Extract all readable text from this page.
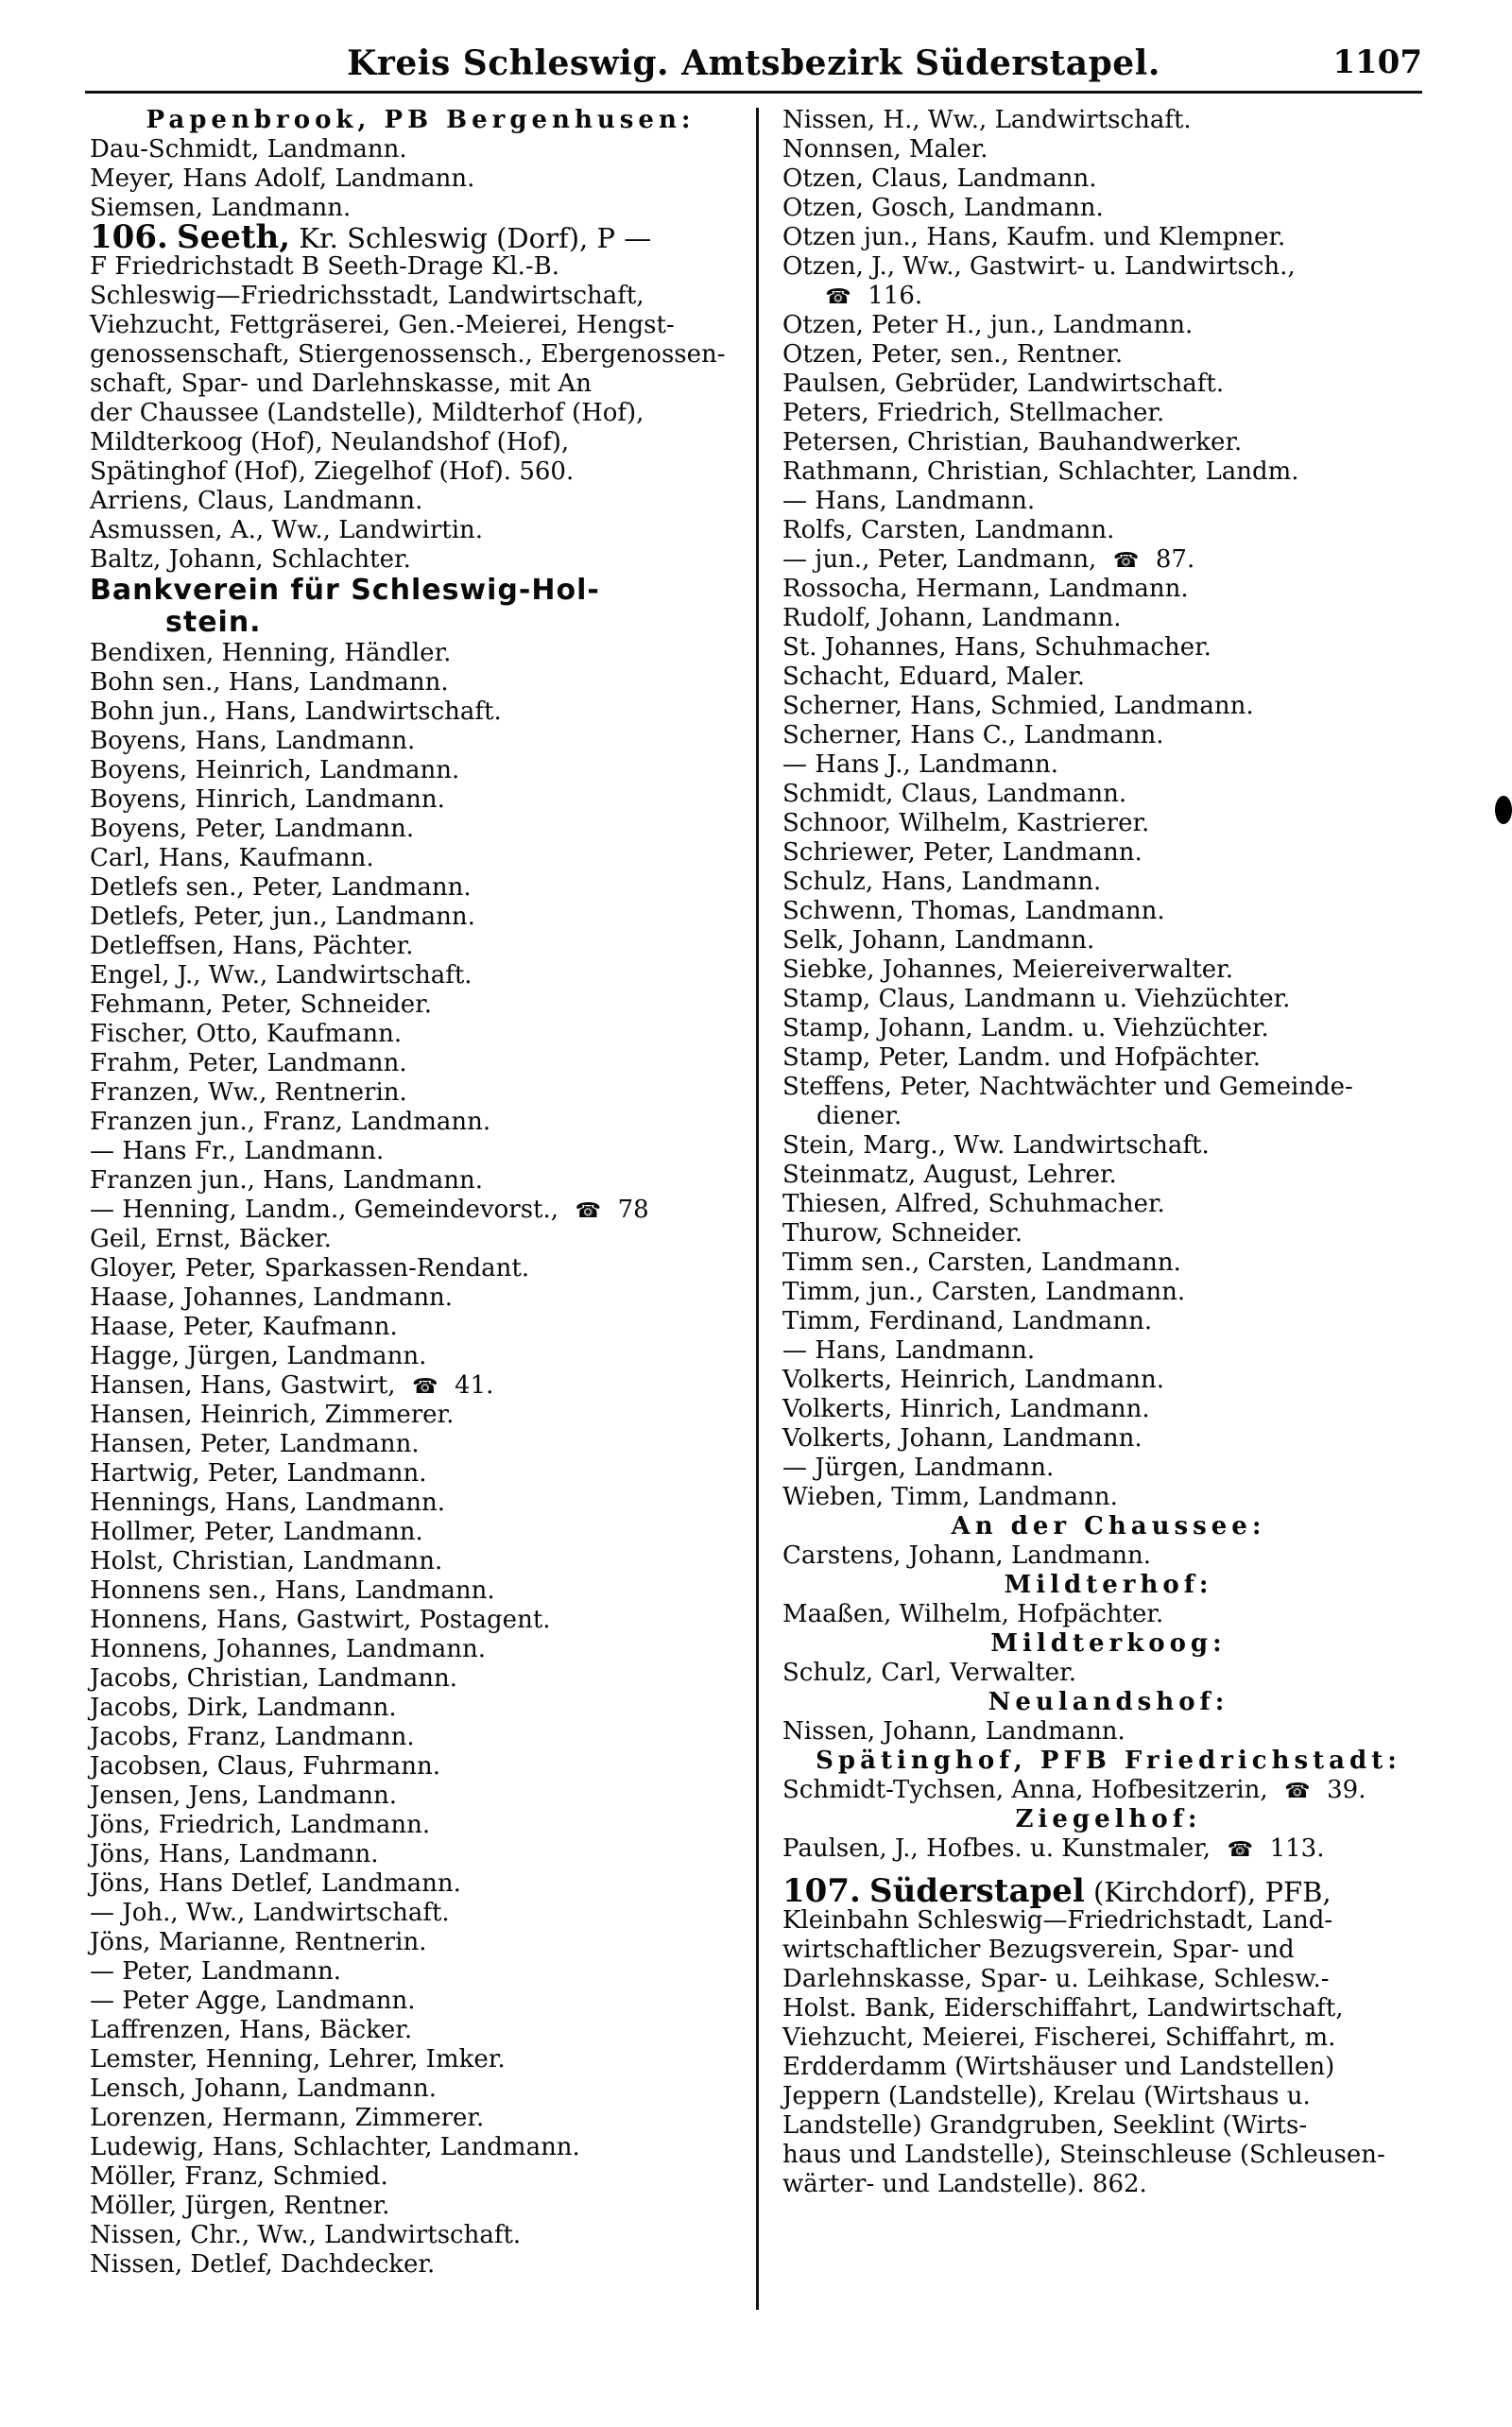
Kreis Schleswig. Amtsbezirk Süderstapel.	1107
Papenbrook, PB Bergenhusen:
Dau-Schmidt, Landmann.
Meyer, Hans Adolf, Landmann.
Siemsen, Landmann.
106. Seeth, Kr. Schleswig (Dorf), P —
F Friedrichstadt B Seeth-Drage Kl.-B.
Schleswig—Friedrichsstadt, Landwirtschaft,
Viehzucht, Fettgräserei, Gen.-Meierei, Hengst-
genossenschaft, Stiergenossensch., Ebergenossen-
schaft, Spar- und Darlehnskasse, mit An
der Chaussee (Landstelle), Mildterhof (Hof),
Mildterkoog (Hof), Neulandshof (Hof),
Spätinghof (Hof), Ziegelhof (Hof). 560.
Arriens, Claus, Landmann.
Asmussen, A., Ww., Landwirtin.
Baltz, Johann, Schlachter.
Bankverein für Schleswig-Hol-
stein.
Bendixen, Henning, Händler.
Bohn sen., Hans, Landmann.
Bohn jun., Hans, Landwirtschaft.
Boyens, Hans, Landmann.
Boyens, Heinrich, Landmann.
Boyens, Hinrich, Landmann.
Boyens, Peter, Landmann.
Carl, Hans, Kaufmann.
Detlefs sen., Peter, Landmann.
Detlefs, Peter, jun., Landmann.
Detleffsen, Hans, Pächter.
Engel, J., Ww., Landwirtschaft.
Fehmann, Peter, Schneider.
Fischer, Otto, Kaufmann.
Frahm, Peter, Landmann.
Franzen, Ww., Rentnerin.
Franzen jun., Franz, Landmann.
— Hans Fr., Landmann.
Franzen jun., Hans, Landmann.
— Henning, Landm., Gemeindevorst., ☎ 78
Geil, Ernst, Bäcker.
Gloyer, Peter, Sparkassen-Rendant.
Haase, Johannes, Landmann.
Haase, Peter, Kaufmann.
Hagge, Jürgen, Landmann.
Hansen, Hans, Gastwirt, ☎ 41.
Hansen, Heinrich, Zimmerer.
Hansen, Peter, Landmann.
Hartwig, Peter, Landmann.
Hennings, Hans, Landmann.
Hollmer, Peter, Landmann.
Holst, Christian, Landmann.
Honnens sen., Hans, Landmann.
Honnens, Hans, Gastwirt, Postagent.
Honnens, Johannes, Landmann.
Jacobs, Christian, Landmann.
Jacobs, Dirk, Landmann.
Jacobs, Franz, Landmann.
Jacobsen, Claus, Fuhrmann.
Jensen, Jens, Landmann.
Jöns, Friedrich, Landmann.
Jöns, Hans, Landmann.
Jöns, Hans Detlef, Landmann.
— Joh., Ww., Landwirtschaft.
Jöns, Marianne, Rentnerin.
— Peter, Landmann.
— Peter Agge, Landmann.
Laffrenzen, Hans, Bäcker.
Lemster, Henning, Lehrer, Imker.
Lensch, Johann, Landmann.
Lorenzen, Hermann, Zimmerer.
Ludewig, Hans, Schlachter, Landmann.
Möller, Franz, Schmied.
Möller, Jürgen, Rentner.
Nissen, Chr., Ww., Landwirtschaft.
Nissen, Detlef, Dachdecker.
Nissen, H., Ww., Landwirtschaft.
Nonnsen, Maler.
Otzen, Claus, Landmann.
Otzen, Gosch, Landmann.
Otzen jun., Hans, Kaufm. und Klempner.
Otzen, J., Ww., Gastwirt- u. Landwirtsch.,
☎ 116.
Otzen, Peter H., jun., Landmann.
Otzen, Peter, sen., Rentner.
Paulsen, Gebrüder, Landwirtschaft.
Peters, Friedrich, Stellmacher.
Petersen, Christian, Bauhandwerker.
Rathmann, Christian, Schlachter, Landm.
— Hans, Landmann.
Rolfs, Carsten, Landmann.
— jun., Peter, Landmann, ☎ 87.
Rossocha, Hermann, Landmann.
Rudolf, Johann, Landmann.
St. Johannes, Hans, Schuhmacher.
Schacht, Eduard, Maler.
Scherner, Hans, Schmied, Landmann.
Scherner, Hans C., Landmann.
— Hans J., Landmann.
Schmidt, Claus, Landmann.
Schnoor, Wilhelm, Kastrierer.
Schriewer, Peter, Landmann.
Schulz, Hans, Landmann.
Schwenn, Thomas, Landmann.
Selk, Johann, Landmann.
Siebke, Johannes, Meiereiverwalter.
Stamp, Claus, Landmann u. Viehzüchter.
Stamp, Johann, Landm. u. Viehzüchter.
Stamp, Peter, Landm. und Hofpächter.
Steffens, Peter, Nachtwächter und Gemeinde-
diener.
Stein, Marg., Ww. Landwirtschaft.
Steinmatz, August, Lehrer.
Thiesen, Alfred, Schuhmacher.
Thurow, Schneider.
Timm sen., Carsten, Landmann.
Timm, jun., Carsten, Landmann.
Timm, Ferdinand, Landmann.
— Hans, Landmann.
Volkerts, Heinrich, Landmann.
Volkerts, Hinrich, Landmann.
Volkerts, Johann, Landmann.
— Jürgen, Landmann.
Wieben, Timm, Landmann.
An der Chaussee:
Carstens, Johann, Landmann.
Mildterhof:
Maaßen, Wilhelm, Hofpächter.
Mildterkoog:
Schulz, Carl, Verwalter.
Neulandshof:
Nissen, Johann, Landmann.
Spätinghof, PFB Friedrichstadt:
Schmidt-Tychsen, Anna, Hofbesitzerin, ☎ 39.
Ziegelhof:
Paulsen, J., Hofbes. u. Kunstmaler, ☎ 113.
107. Süderstapel (Kirchdorf), PFB,
Kleinbahn Schleswig—Friedrichstadt, Land-
wirtschaftlicher Bezugsverein, Spar- und
Darlehnskasse, Spar- u. Leihkase, Schlesw.-
Holst. Bank, Eiderschiffahrt, Landwirtschaft,
Viehzucht, Meierei, Fischerei, Schiffahrt, m.
Erdderdamm (Wirtshäuser und Landstellen)
Jeppern (Landstelle), Krelau (Wirtshaus u.
Landstelle) Grandgruben, Seeklint (Wirts-
haus und Landstelle), Steinschleuse (Schleusen-
wärter- und Landstelle). 862.
